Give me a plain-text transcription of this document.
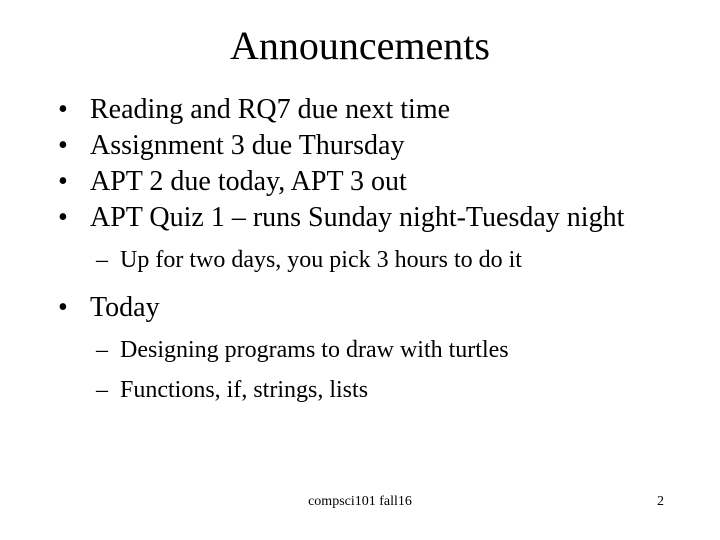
Announcements
• Reading and RQ7 due next time
• Assignment 3 due Thursday
• APT 2 due today, APT 3 out
• APT Quiz 1 – runs Sunday night-Tuesday night
– Up for two days, you pick 3 hours to do it
• Today
– Designing programs to draw with turtles
– Functions, if, strings, lists
compsci101 fall16	2
